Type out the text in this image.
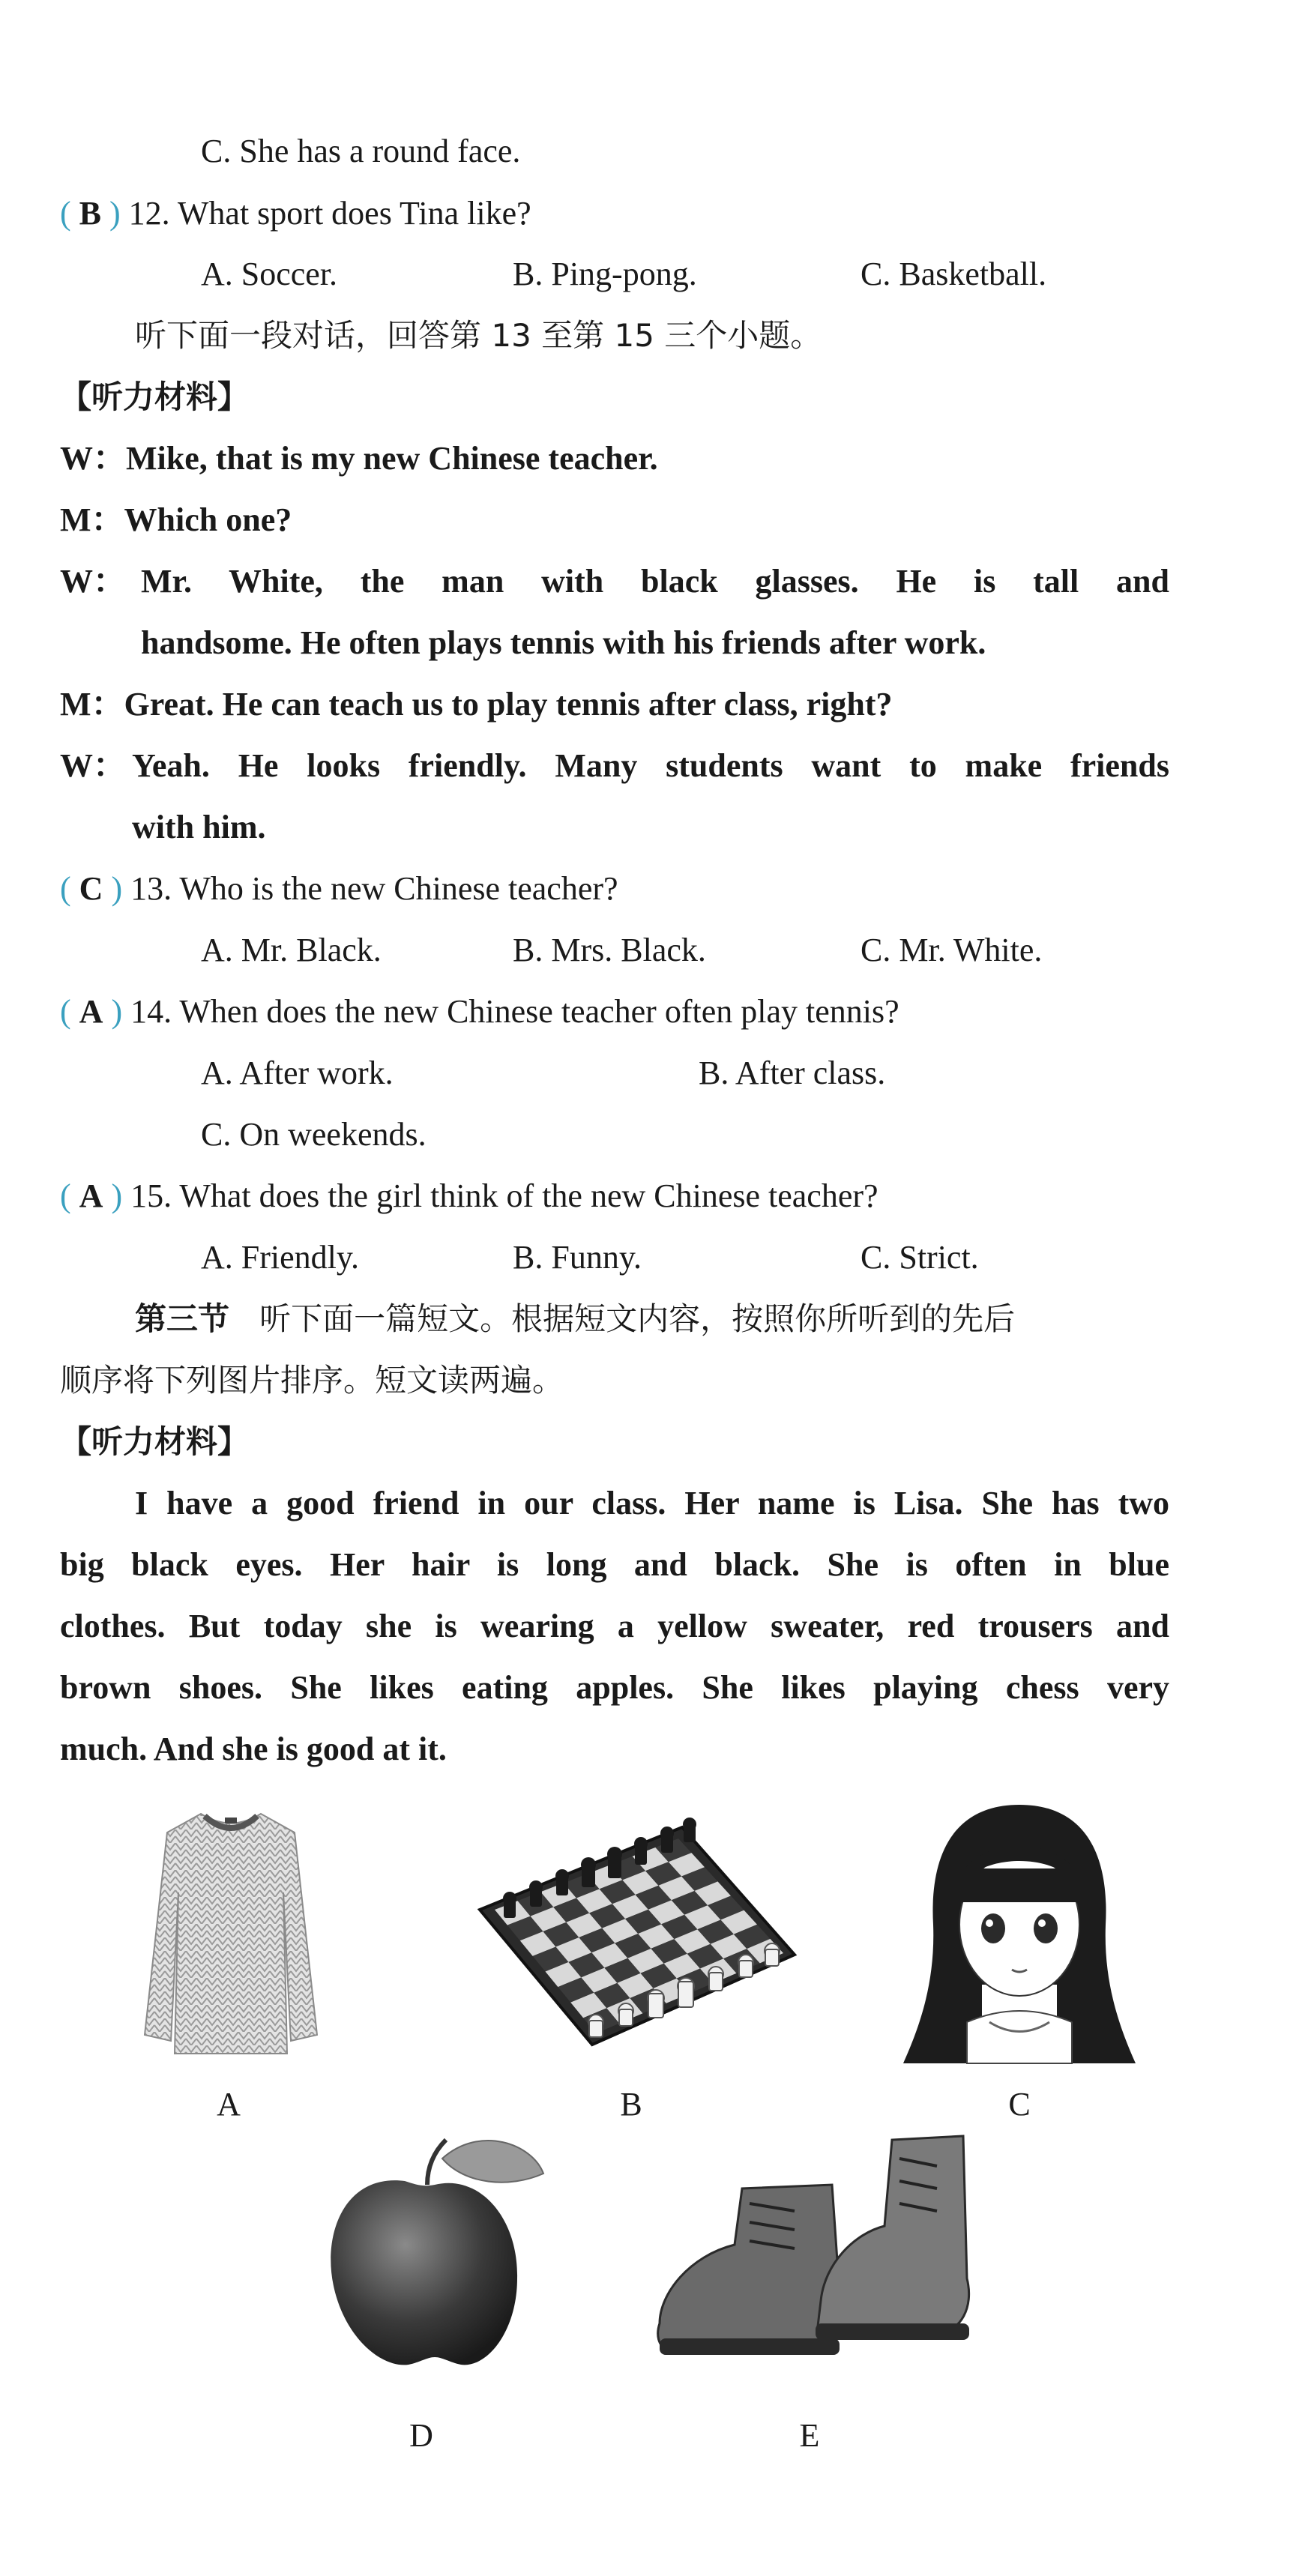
C. She has a round face.
( B ) 12. What sport does Tina like?
A. Soccer.	B. Ping-pong.	C. Basketball.
听下面一段对话，回答第 13 至第 15 三个小题。
【听力材料】
W：Mike, that is my new Chinese teacher.
M：Which one?
W： Mr. White, the man with black glasses. He is tall and
handsome. He often plays tennis with his friends after work.
M：Great. He can teach us to play tennis after class, right?
W： Yeah. He looks friendly. Many students want to make friends
with him.
( C ) 13. Who is the new Chinese teacher?
A. Mr. Black.	B. Mrs. Black.	C. Mr. White.
( A ) 14. When does the new Chinese teacher often play tennis?
A. After work.	B. After class.
C. On weekends.
( A ) 15. What does the girl think of the new Chinese teacher?
A. Friendly.	B. Funny.	C. Strict.
第三节 听下面一篇短文。根据短文内容，按照你所听到的先后
顺序将下列图片排序。短文读两遍。
【听力材料】
I have a good friend in our class. Her name is Lisa. She has two
big black eyes. Her hair is long and black. She is often in blue
clothes. But today she is wearing a yellow sweater, red trousers and
brown shoes. She likes eating apples. She likes playing chess very
much. And she is good at it.
A	B	C
D	E
